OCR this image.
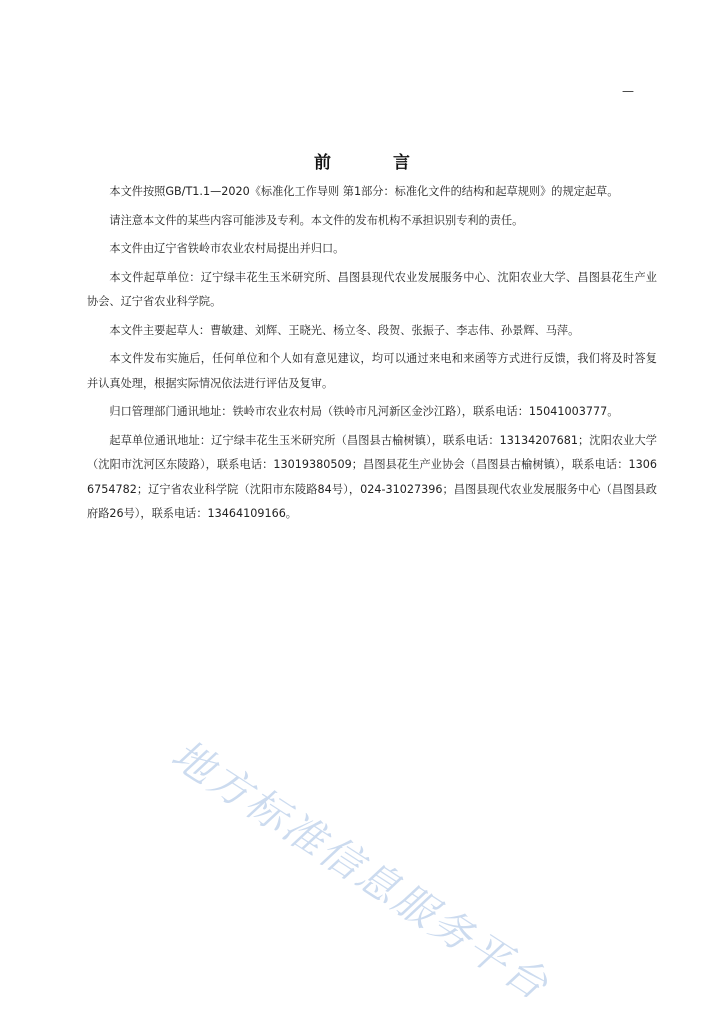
—
前 言

本文件按照GB/T1.1—2020《标准化工作导则 第1部分：标准化文件的结构和起草规则》的规定起草。

请注意本文件的某些内容可能涉及专利。本文件的发布机构不承担识别专利的责任。

本文件由辽宁省铁岭市农业农村局提出并归口。

本文件起草单位：辽宁绿丰花生玉米研究所、昌图县现代农业发展服务中心、沈阳农业大学、昌图县花生产业协会、辽宁省农业科学院。

本文件主要起草人：曹敏建、刘辉、王晓光、杨立冬、段贺、张振子、李志伟、孙景辉、马萍。

本文件发布实施后，任何单位和个人如有意见建议，均可以通过来电和来函等方式进行反馈，我们将及时答复并认真处理，根据实际情况依法进行评估及复审。

归口管理部门通讯地址：铁岭市农业农村局（铁岭市凡河新区金沙江路），联系电话：15041003777。

起草单位通讯地址：辽宁绿丰花生玉米研究所（昌图县古榆树镇），联系电话：13134207681；沈阳农业大学（沈阳市沈河区东陵路），联系电话：13019380509；昌图县花生产业协会（昌图县古榆树镇），联系电话：13066754782；辽宁省农业科学院（沈阳市东陵路84号），024-31027396；昌图县现代农业发展服务中心（昌图县政府路26号），联系电话：13464109166。

地方标准信息服务平台
